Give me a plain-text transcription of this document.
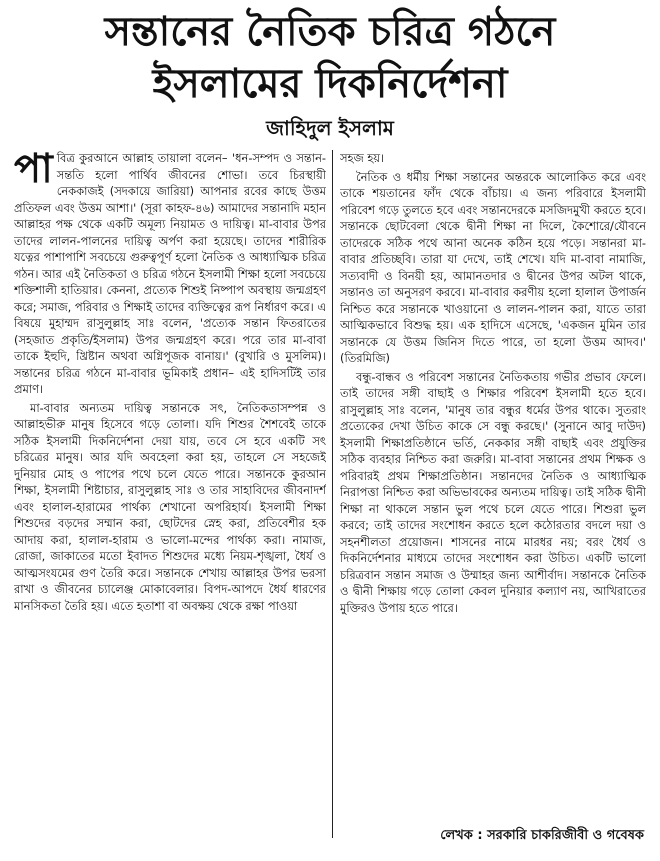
সন্তানের নৈতিক চরিত্র গঠনে
ইসলামের দিকনির্দেশনা
জাহিদুল ইসলাম

পাবিত্র কুরআনে আল্লাহ তায়ালা বলেন– 'ধন-সম্পদ ও সন্তান-সন্ততি হলো পার্থিব জীবনের শোভা। তবে চিরস্থায়ী নেককাজই (সদকায়ে জারিয়া) আপনার রবের কাছে উত্তম প্রতিফল এবং উত্তম আশা।' (সূরা কাহফ-৪৬) আমাদের সন্তানাদি মহান আল্লাহর পক্ষ থেকে একটি অমূল্য নিয়ামত ও দায়িত্ব। মা-বাবার উপর তাদের লালন-পালনের দায়িত্ব অর্পণ করা হয়েছে। তাদের শারীরিক যত্নের পাশাপাশি সবচেয়ে গুরুত্বপূর্ণ হলো নৈতিক ও আধ্যাত্মিক চরিত্র গঠন। আর এই নৈতিকতা ও চরিত্র গঠনে ইসলামী শিক্ষা হলো সবচেয়ে শক্তিশালী হাতিয়ার। কেননা, প্রত্যেক শিশুই নিষ্পাপ অবস্থায় জন্মগ্রহণ করে; সমাজ, পরিবার ও শিক্ষাই তাদের ব্যক্তিত্বের রূপ নির্ধারণ করে। এ বিষয়ে মুহাম্মদ রাসুলুল্লাহ সাঃ বলেন, 'প্রত্যেক সন্তান ফিতরাতের (সহজাত প্রকৃতি/ইসলাম) উপর জন্মগ্রহণ করে। পরে তার মা-বাবা তাকে ইহুদি, খ্রিষ্টান অথবা অগ্নিপূজক বানায়।' (বুখারি ও মুসলিম)। সন্তানের চরিত্র গঠনে মা-বাবার ভূমিকাই প্রধান– এই হাদিসটিই তার প্রমাণ।

মা-বাবার অন্যতম দায়িত্ব সন্তানকে সৎ, নৈতিকতাসম্পন্ন ও আল্লাহভীরু মানুষ হিসেবে গড়ে তোলা। যদি শিশুর শৈশবেই তাকে সঠিক ইসলামী দিকনির্দেশনা দেয়া যায়, তবে সে হবে একটি সৎ চরিত্রের মানুষ। আর যদি অবহেলা করা হয়, তাহলে সে সহজেই দুনিয়ার মোহ ও পাপের পথে চলে যেতে পারে। সন্তানকে কুরআন শিক্ষা, ইসলামী শিষ্টাচার, রাসুলুল্লাহ সাঃ ও তার সাহাবিদের জীবনাদর্শ এবং হালাল-হারামের পার্থক্য শেখানো অপরিহার্য। ইসলামী শিক্ষা শিশুদের বড়দের সম্মান করা, ছোটদের স্নেহ করা, প্রতিবেশীর হক আদায় করা, হালাল-হারাম ও ভালো-মন্দের পার্থক্য করা। নামাজ, রোজা, জাকাতের মতো ইবাদত শিশুদের মধ্যে নিয়ম-শৃঙ্খলা, ধৈর্য ও আত্মসংযমের গুণ তৈরি করে। সন্তানকে শেখায় আল্লাহর উপর ভরসা রাখা ও জীবনের চ্যালেঞ্জ মোকাবেলার। বিপদ-আপদে ধৈর্য ধারণের মানসিকতা তৈরি হয়। এতে হতাশা বা অবক্ষয় থেকে রক্ষা পাওয়া

সহজ হয়।

নৈতিক ও ধর্মীয় শিক্ষা সন্তানের অন্তরকে আলোকিত করে এবং তাকে শয়তানের ফাঁদ থেকে বাঁচায়। এ জন্য পরিবারে ইসলামী পরিবেশ গড়ে তুলতে হবে এবং সন্তানদেরকে মসজিদমুখী করতে হবে। সন্তানকে ছোটবেলা থেকে দ্বীনী শিক্ষা না দিলে, কৈশোরে/যৌবনে তাদেরকে সঠিক পথে আনা অনেক কঠিন হয়ে পড়ে। সন্তানরা মা-বাবার প্রতিচ্ছবি। তারা যা দেখে, তাই শেখে। যদি মা-বাবা নামাজি, সত্যবাদী ও বিনয়ী হয়, আমানতদার ও দ্বীনের উপর অটল থাকে, সন্তানও তা অনুসরণ করবে। মা-বাবার করণীয় হলো হালাল উপার্জন নিশ্চিত করে সন্তানকে খাওয়ানো ও লালন-পালন করা, যাতে তারা আত্মিকভাবে বিশুদ্ধ হয়। এক হাদিসে এসেছে, 'একজন মুমিন তার সন্তানকে যে উত্তম জিনিস দিতে পারে, তা হলো উত্তম আদব।' (তিরমিজি)

বন্ধু-বান্ধব ও পরিবেশ সন্তানের নৈতিকতায় গভীর প্রভাব ফেলে। তাই তাদের সঙ্গী বাছাই ও শিক্ষার পরিবেশ ইসলামী হতে হবে। রাসুলুল্লাহ সাঃ বলেন, 'মানুষ তার বন্ধুর ধর্মের উপর থাকে। সুতরাং প্রত্যেকের দেখা উচিত কাকে সে বন্ধু করছে।' (সুনানে আবু দাউদ) ইসলামী শিক্ষাপ্রতিষ্ঠানে ভর্তি, নেককার সঙ্গী বাছাই এবং প্রযুক্তির সঠিক ব্যবহার নিশ্চিত করা জরুরি। মা-বাবা সন্তানের প্রথম শিক্ষক ও পরিবারই প্রথম শিক্ষাপ্রতিষ্ঠান। সন্তানদের নৈতিক ও আধ্যাত্মিক নিরাপত্তা নিশ্চিত করা অভিভাবকের অন্যতম দায়িত্ব। তাই সঠিক দ্বীনী শিক্ষা না থাকলে সন্তান ভুল পথে চলে যেতে পারে। শিশুরা ভুল করবে; তাই তাদের সংশোধন করতে হলে কঠোরতার বদলে দয়া ও সহনশীলতা প্রয়োজন। শাসনের নামে মারধর নয়; বরং ধৈর্য ও দিকনির্দেশনার মাধ্যমে তাদের সংশোধন করা উচিত। একটি ভালো চরিত্রবান সন্তান সমাজ ও উম্মাহর জন্য আশীর্বাদ। সন্তানকে নৈতিক ও দ্বীনী শিক্ষায় গড়ে তোলা কেবল দুনিয়ার কল্যাণ নয়, আখিরাতের মুক্তিরও উপায় হতে পারে।

লেখক : সরকারি চাকরিজীবী ও গবেষক
